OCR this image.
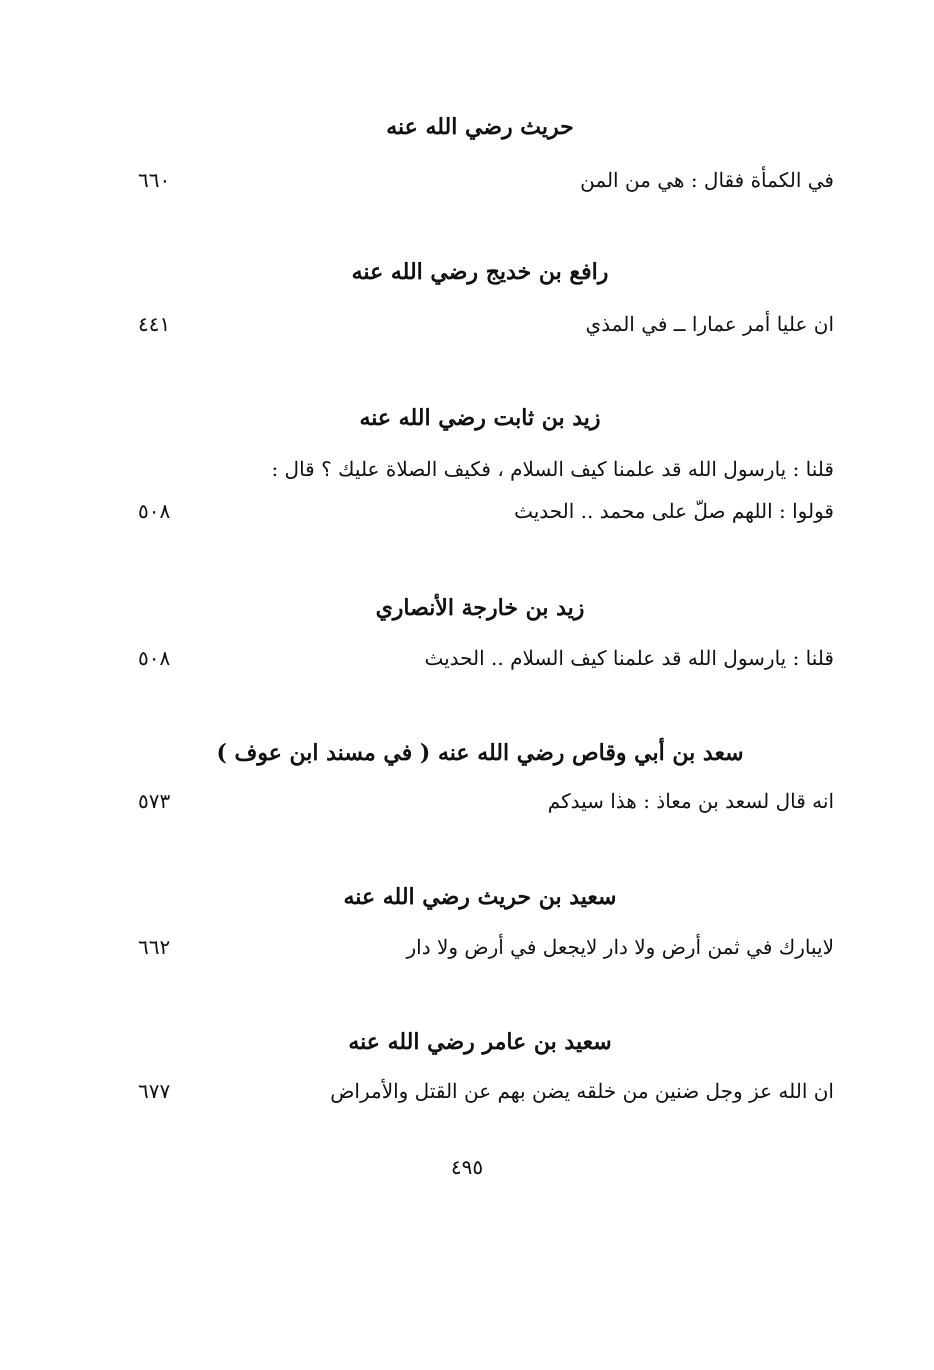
حريث رضي الله عنه
في الكمأة فقال : هي من المن
٦٦٠
رافع بن خديج رضي الله عنه
ان عليا أمر عمارا ــ في المذي
٤٤١
زيد بن ثابت رضي الله عنه
قلنا : يارسول الله قد علمنا كيف السلام ، فكيف الصلاة عليك ؟ قال :
قولوا : اللهم صلّ على محمد .. الحديث
٥٠٨
زيد بن خارجة الأنصاري
قلنا : يارسول الله قد علمنا كيف السلام .. الحديث
٥٠٨
سعد بن أبي وقاص رضي الله عنه ( في مسند ابن عوف )
انه قال لسعد بن معاذ : هذا سيدكم
٥٧٣
سعيد بن حريث رضي الله عنه
لايبارك في ثمن أرض ولا دار لايجعل في أرض ولا دار
٦٦٢
سعيد بن عامر رضي الله عنه
ان الله عز وجل ضنين من خلقه يضن بهم عن القتل والأمراض
٦٧٧
٤٩٥
